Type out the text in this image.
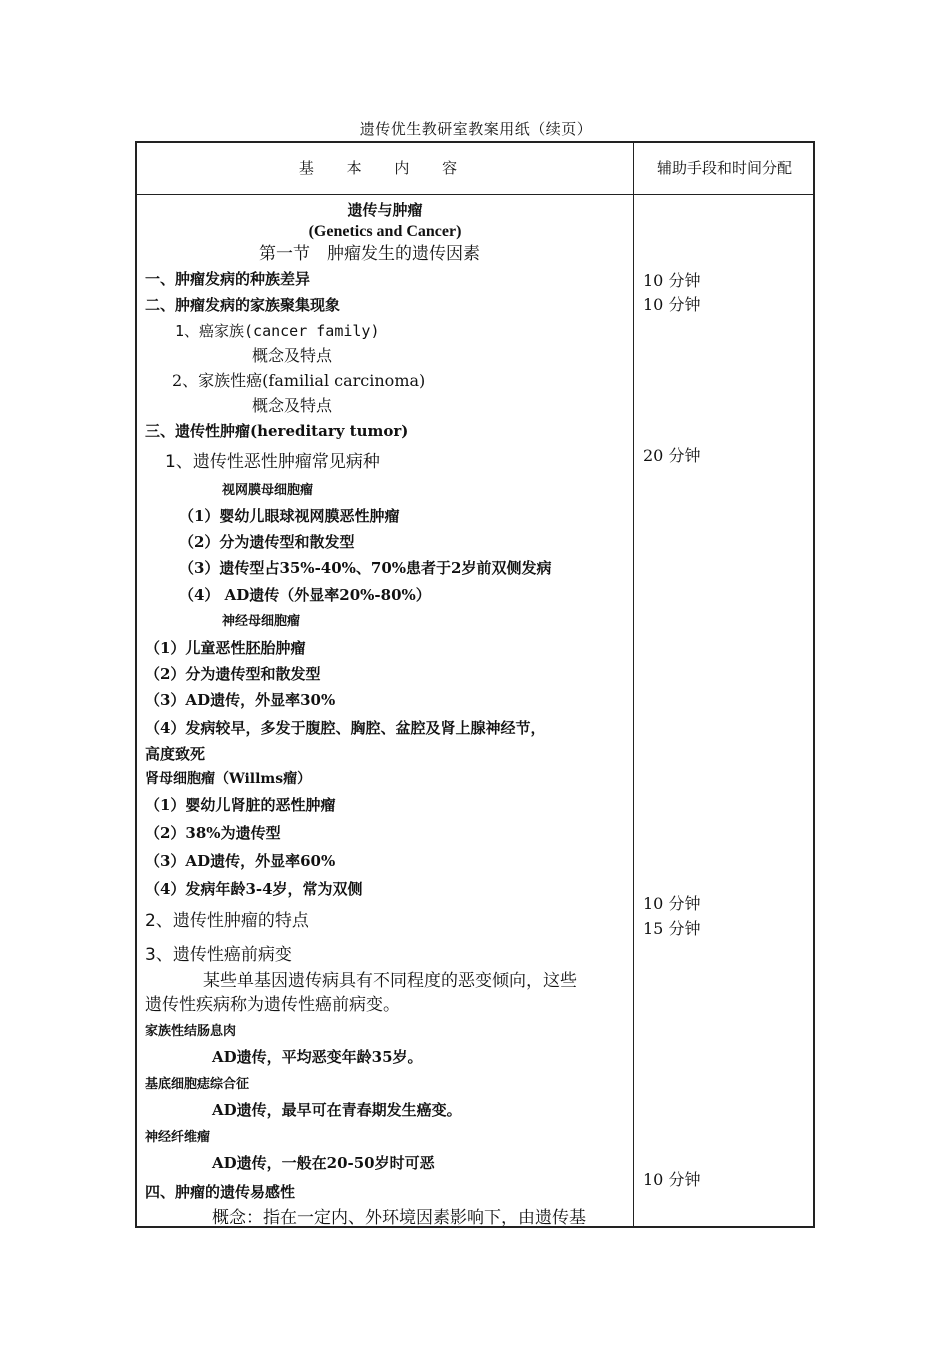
遗传优生教研室教案用纸（续页）
基 本 内 容	辅助手段和时间分配
遗传与肿瘤
(Genetics and Cancer)
第一节　肿瘤发生的遗传因素
一、肿瘤发病的种族差异
二、肿瘤发病的家族聚集现象
1、癌家族(cancer family)
概念及特点
2、家族性癌(familial carcinoma)
概念及特点
三、遗传性肿瘤(hereditary tumor)
1、遗传性恶性肿瘤常见病种
视网膜母细胞瘤
（1）婴幼儿眼球视网膜恶性肿瘤
（2）分为遗传型和散发型
（3）遗传型占35%-40%、70%患者于2岁前双侧发病
（4） AD遗传（外显率20%-80%）
神经母细胞瘤
（1）儿童恶性胚胎肿瘤
（2）分为遗传型和散发型
（3）AD遗传，外显率30%
（4）发病较早，多发于腹腔、胸腔、盆腔及肾上腺神经节，
高度致死
肾母细胞瘤（Willms瘤）
（1）婴幼儿肾脏的恶性肿瘤
（2）38%为遗传型
（3）AD遗传，外显率60%
（4）发病年龄3-4岁，常为双侧
2、遗传性肿瘤的特点
3、遗传性癌前病变
某些单基因遗传病具有不同程度的恶变倾向，这些
遗传性疾病称为遗传性癌前病变。
家族性结肠息肉
AD遗传，平均恶变年龄35岁。
基底细胞痣综合征
AD遗传，最早可在青春期发生癌变。
神经纤维瘤
AD遗传，一般在20-50岁时可恶
四、肿瘤的遗传易感性
概念：指在一定内、外环境因素影响下，由遗传基
10 分钟
10 分钟
20 分钟
10 分钟
15 分钟
10 分钟
